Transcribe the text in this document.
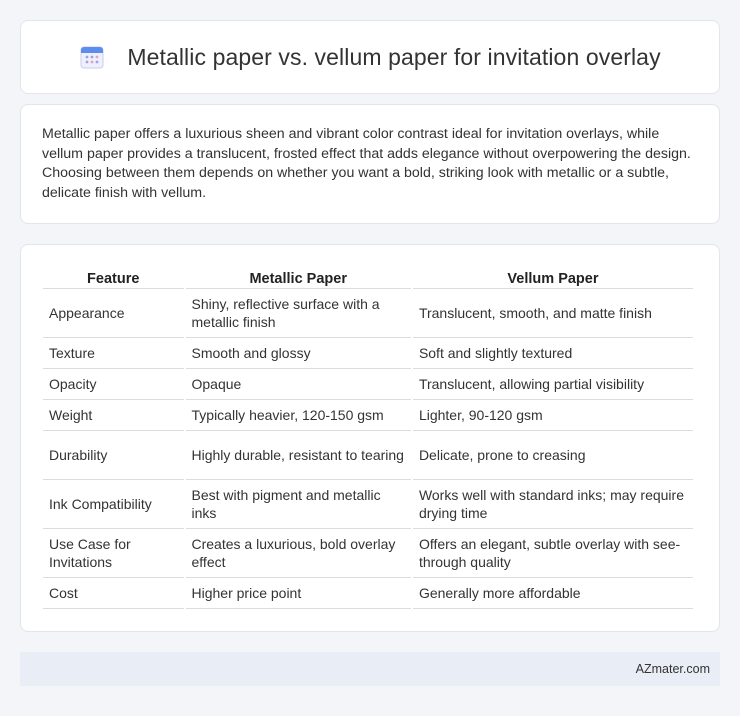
Metallic paper vs. vellum paper for invitation overlay

Metallic paper offers a luxurious sheen and vibrant color contrast ideal for invitation overlays, while vellum paper provides a translucent, frosted effect that adds elegance without overpowering the design. Choosing between them depends on whether you want a bold, striking look with metallic or a subtle, delicate finish with vellum.

Feature	Metallic Paper	Vellum Paper
Appearance	Shiny, reflective surface with a metallic finish	Translucent, smooth, and matte finish
Texture	Smooth and glossy	Soft and slightly textured
Opacity	Opaque	Translucent, allowing partial visibility
Weight	Typically heavier, 120-150 gsm	Lighter, 90-120 gsm
Durability	Highly durable, resistant to tearing	Delicate, prone to creasing
Ink Compatibility	Best with pigment and metallic inks	Works well with standard inks; may require drying time
Use Case for Invitations	Creates a luxurious, bold overlay effect	Offers an elegant, subtle overlay with see-through quality
Cost	Higher price point	Generally more affordable
AZmater.com
